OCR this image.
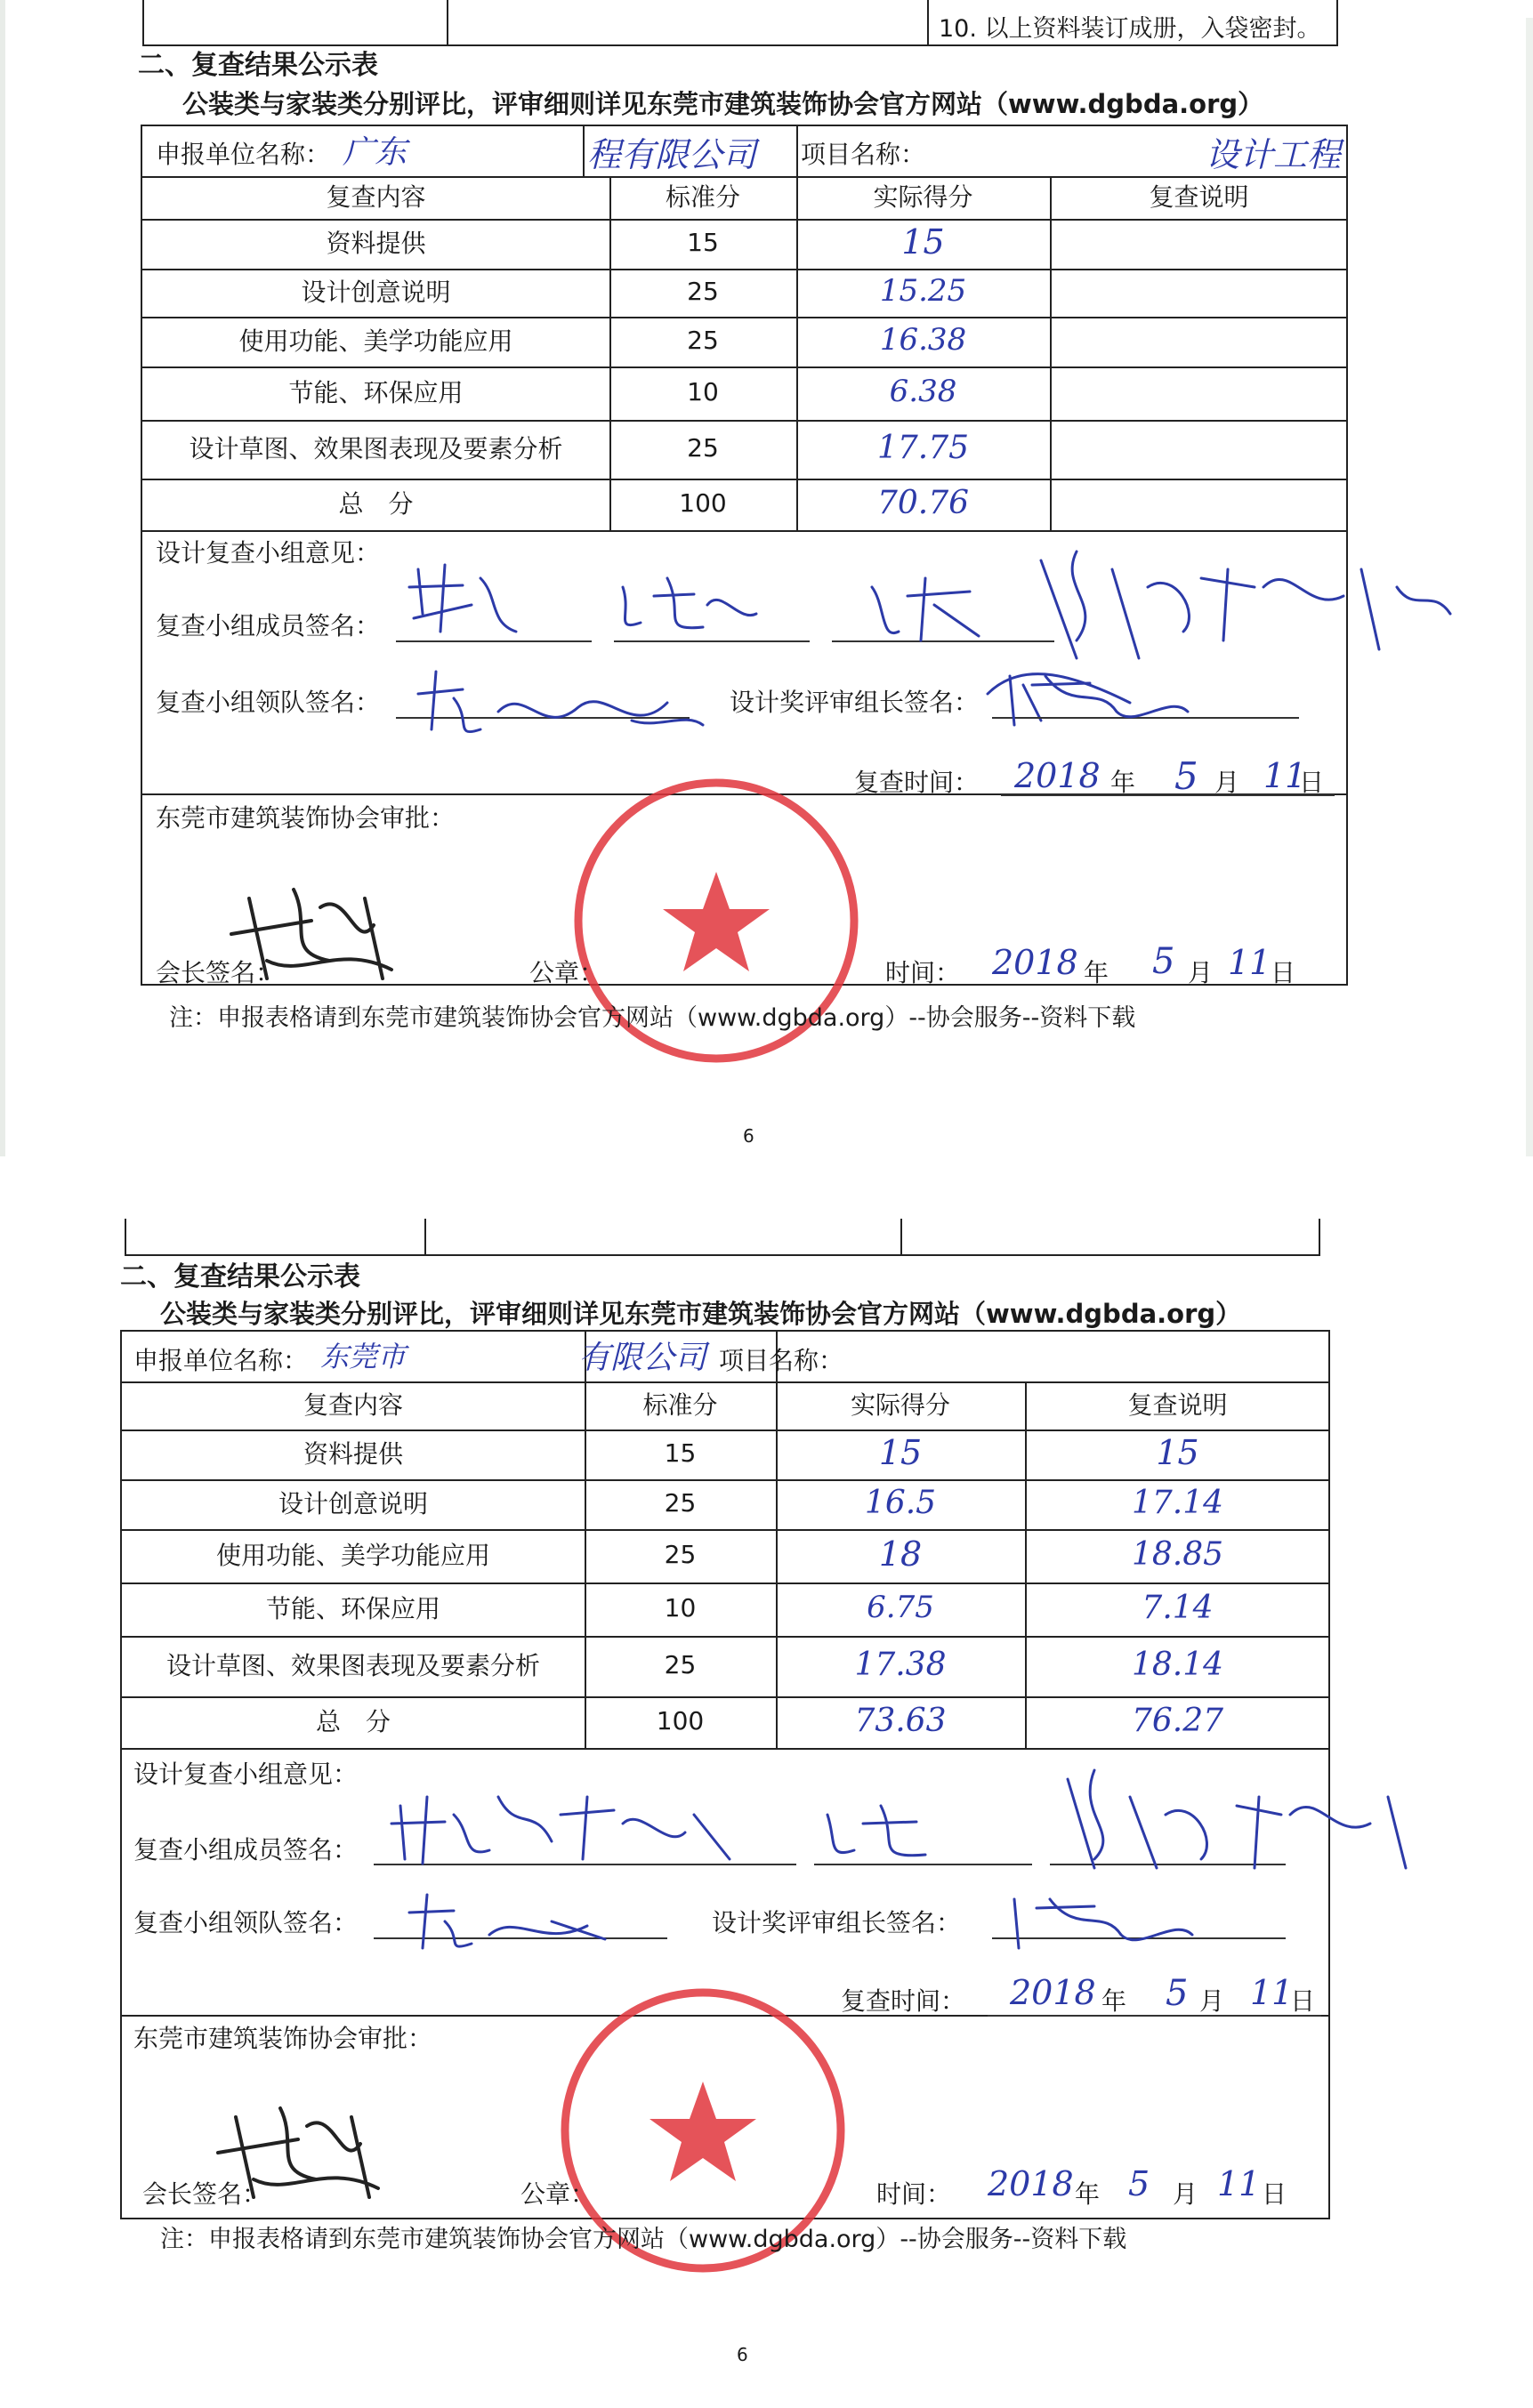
10. 以上资料装订成册，入袋密封。
二、复查结果公示表
公装类与家装类分别评比，评审细则详见东莞市建筑装饰协会官方网站（www.dgbda.org）
申报单位名称： 广东	程有限公司 项目名称：	设计工程
复查内容	标准分	实际得分	复查说明
资料提供	15	15
设计创意说明	25	15.25
使用功能、美学功能应用	25	16.38
节能、环保应用	10	6.38
设计草图、效果图表现及要素分析	25	17.75
总　分	100	70.76
设计复查小组意见：
复查小组成员签名：
复查小组领队签名：	设计奖评审组长签名：
复查时间： 2018 年 5 月 11
日
东莞市建筑装饰协会审批：
会长签名：	公章：	时间： 2018 年 5 月 11 日
注：申报表格请到东莞市建筑装饰协会官方网站（www.dgbda.org）--协会服务--资料下载
6
二、复查结果公示表
公装类与家装类分别评比，评审细则详见东莞市建筑装饰协会官方网站（www.dgbda.org）
申报单位名称： 东莞市	有限公司 项目名称：
复查内容	标准分	实际得分	复查说明
资料提供	15	15	15
设计创意说明	25	16.5	17.14
使用功能、美学功能应用	25	18	18.85
节能、环保应用	10	6.75	7.14
设计草图、效果图表现及要素分析	25	17.38	18.14
总　分	100	73.63	76.27
设计复查小组意见：
复查小组成员签名：
复查小组领队签名：	设计奖评审组长签名：
复查时间： 2018 年 5 月 11
日
东莞市建筑装饰协会审批：
会长签名：	公章：	时间： 2018 年 5 月 11 日
注：申报表格请到东莞市建筑装饰协会官方网站（www.dgbda.org）--协会服务--资料下载
6
